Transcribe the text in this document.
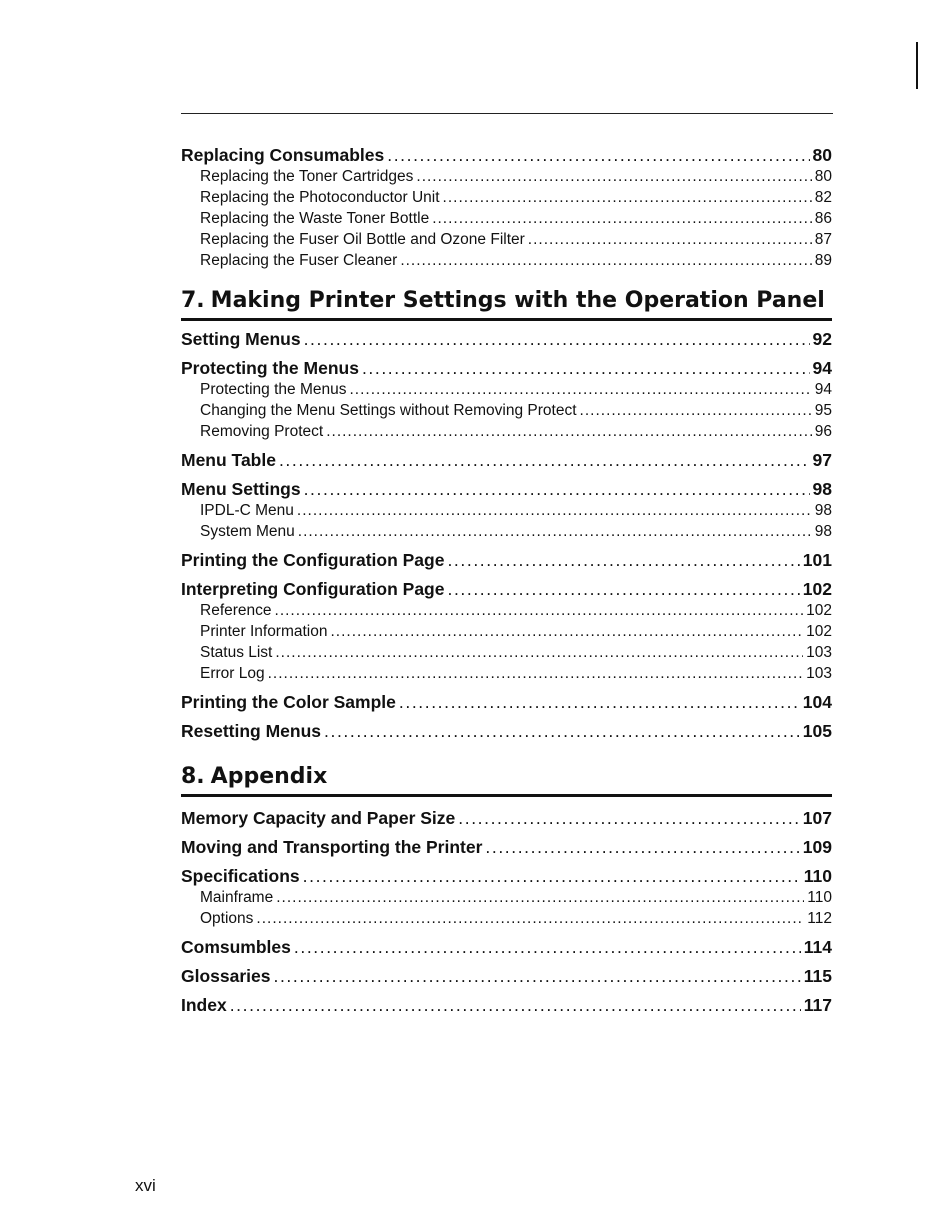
Replacing Consumables .....	80
Replacing the Toner Cartridges .....	80
Replacing the Photoconductor Unit .....	82
Replacing the Waste Toner Bottle .....	86
Replacing the Fuser Oil Bottle and Ozone Filter .....	87
Replacing the Fuser Cleaner .....	89
7. Making Printer Settings with the Operation Panel
Setting Menus .....	92
Protecting the Menus .....	94
Protecting the Menus .....	94
Changing the Menu Settings without Removing Protect .....	95
Removing Protect .....	96
Menu Table .....	97
Menu Settings .....	98
IPDL-C Menu .....	98
System Menu .....	98
Printing the Configuration Page .....	101
Interpreting Configuration Page .....	102
Reference .....	102
Printer Information .....	102
Status List .....	103
Error Log .....	103
Printing the Color Sample .....	104
Resetting Menus .....	105
8. Appendix
Memory Capacity and Paper Size .....	107
Moving and Transporting the Printer .....	109
Specifications .....	110
Mainframe .....	110
Options .....	112
Comsumbles .....	114
Glossaries .....	115
Index .....	117
xvi
